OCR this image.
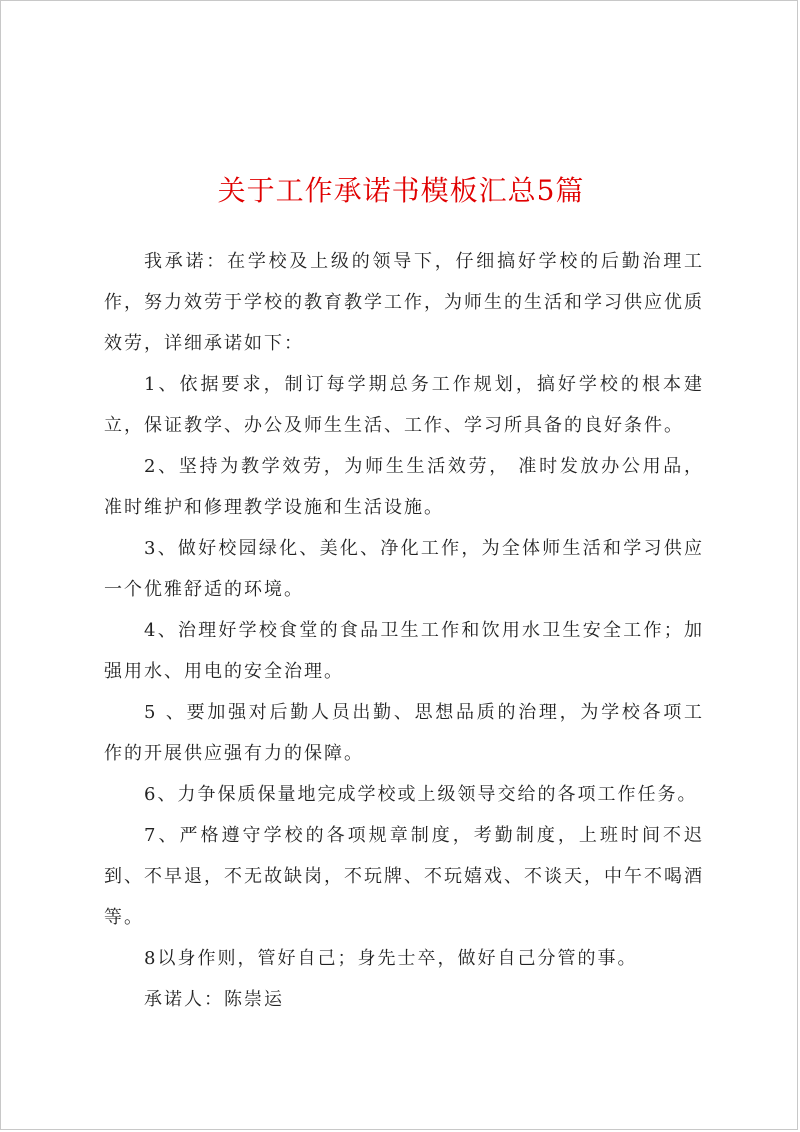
关于工作承诺书模板汇总5篇

我承诺：在学校及上级的领导下，仔细搞好学校的后勤治理工作，努力效劳于学校的教育教学工作，为师生的生活和学习供应优质效劳，详细承诺如下：

1、依据要求，制订每学期总务工作规划，搞好学校的根本建立，保证教学、办公及师生生活、工作、学习所具备的良好条件。

2、坚持为教学效劳，为师生生活效劳， 准时发放办公用品，准时维护和修理教学设施和生活设施。

3、做好校园绿化、美化、净化工作，为全体师生活和学习供应一个优雅舒适的环境。

4、治理好学校食堂的食品卫生工作和饮用水卫生安全工作；加强用水、用电的安全治理。

5 、要加强对后勤人员出勤、思想品质的治理，为学校各项工作的开展供应强有力的保障。

6、力争保质保量地完成学校或上级领导交给的各项工作任务。

7、严格遵守学校的各项规章制度，考勤制度，上班时间不迟到、不早退，不无故缺岗，不玩牌、不玩嬉戏、不谈天，中午不喝酒等。

8以身作则，管好自己；身先士卒，做好自己分管的事。

承诺人：陈崇运
